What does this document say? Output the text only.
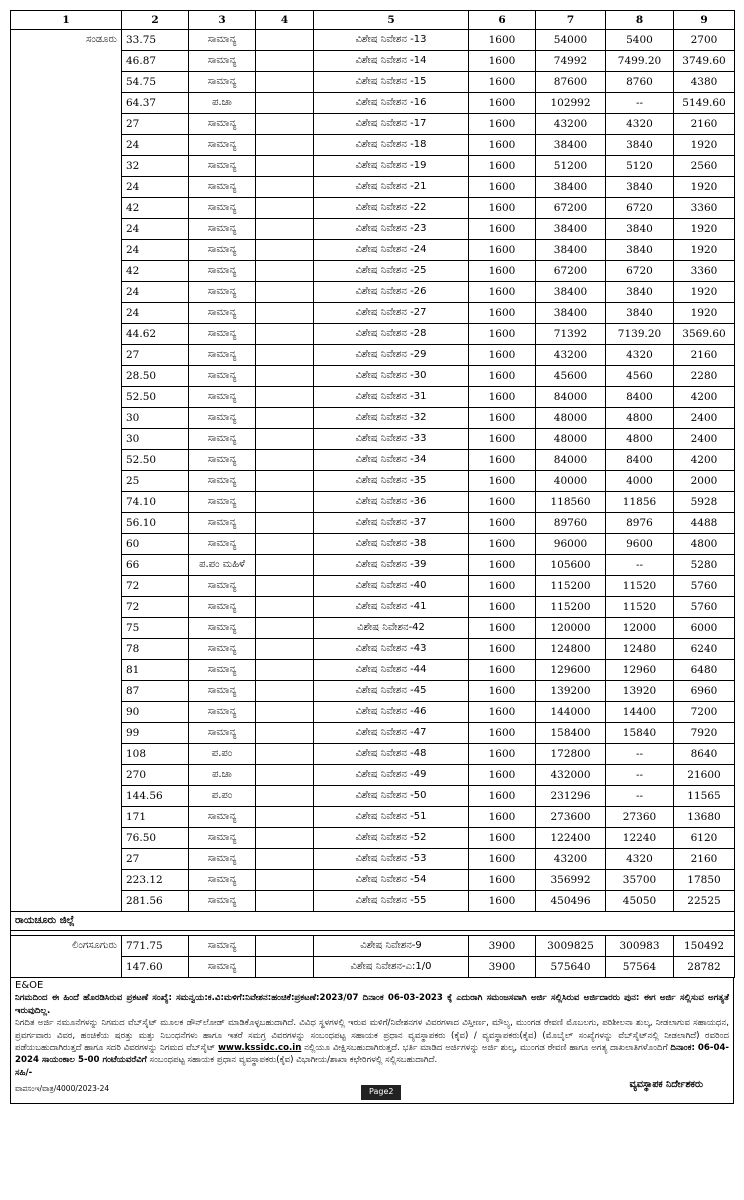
1	2	3	4	5	6	7	8	9
ಸಂಡೂರು	33.75	ಸಾಮಾನ್ಯ		ವಿಶೇಷ ನಿವೇಶನ -13	1600	54000	5400	2700
	46.87	ಸಾಮಾನ್ಯ		ವಿಶೇಷ ನಿವೇಶನ -14	1600	74992	7499.20	3749.60
	54.75	ಸಾಮಾನ್ಯ		ವಿಶೇಷ ನಿವೇಶನ -15	1600	87600	8760	4380
	64.37	ಪ.ಜಾ		ವಿಶೇಷ ನಿವೇಶನ -16	1600	102992	--	5149.60
	27	ಸಾಮಾನ್ಯ		ವಿಶೇಷ ನಿವೇಶನ -17	1600	43200	4320	2160
	24	ಸಾಮಾನ್ಯ		ವಿಶೇಷ ನಿವೇಶನ -18	1600	38400	3840	1920
	32	ಸಾಮಾನ್ಯ		ವಿಶೇಷ ನಿವೇಶನ -19	1600	51200	5120	2560
	24	ಸಾಮಾನ್ಯ		ವಿಶೇಷ ನಿವೇಶನ -21	1600	38400	3840	1920
	42	ಸಾಮಾನ್ಯ		ವಿಶೇಷ ನಿವೇಶನ -22	1600	67200	6720	3360
	24	ಸಾಮಾನ್ಯ		ವಿಶೇಷ ನಿವೇಶನ -23	1600	38400	3840	1920
	24	ಸಾಮಾನ್ಯ		ವಿಶೇಷ ನಿವೇಶನ -24	1600	38400	3840	1920
	42	ಸಾಮಾನ್ಯ		ವಿಶೇಷ ನಿವೇಶನ -25	1600	67200	6720	3360
	24	ಸಾಮಾನ್ಯ		ವಿಶೇಷ ನಿವೇಶನ -26	1600	38400	3840	1920
	24	ಸಾಮಾನ್ಯ		ವಿಶೇಷ ನಿವೇಶನ -27	1600	38400	3840	1920
	44.62	ಸಾಮಾನ್ಯ		ವಿಶೇಷ ನಿವೇಶನ -28	1600	71392	7139.20	3569.60
	27	ಸಾಮಾನ್ಯ		ವಿಶೇಷ ನಿವೇಶನ -29	1600	43200	4320	2160
	28.50	ಸಾಮಾನ್ಯ		ವಿಶೇಷ ನಿವೇಶನ -30	1600	45600	4560	2280
	52.50	ಸಾಮಾನ್ಯ		ವಿಶೇಷ ನಿವೇಶನ -31	1600	84000	8400	4200
	30	ಸಾಮಾನ್ಯ		ವಿಶೇಷ ನಿವೇಶನ -32	1600	48000	4800	2400
	30	ಸಾಮಾನ್ಯ		ವಿಶೇಷ ನಿವೇಶನ -33	1600	48000	4800	2400
	52.50	ಸಾಮಾನ್ಯ		ವಿಶೇಷ ನಿವೇಶನ -34	1600	84000	8400	4200
	25	ಸಾಮಾನ್ಯ		ವಿಶೇಷ ನಿವೇಶನ -35	1600	40000	4000	2000
	74.10	ಸಾಮಾನ್ಯ		ವಿಶೇಷ ನಿವೇಶನ -36	1600	118560	11856	5928
	56.10	ಸಾಮಾನ್ಯ		ವಿಶೇಷ ನಿವೇಶನ -37	1600	89760	8976	4488
	60	ಸಾಮಾನ್ಯ		ವಿಶೇಷ ನಿವೇಶನ -38	1600	96000	9600	4800
	66	ಪ.ಪಂ ಮಹಿಳೆ		ವಿಶೇಷ ನಿವೇಶನ -39	1600	105600	--	5280
	72	ಸಾಮಾನ್ಯ		ವಿಶೇಷ ನಿವೇಶನ -40	1600	115200	11520	5760
	72	ಸಾಮಾನ್ಯ		ವಿಶೇಷ ನಿವೇಶನ -41	1600	115200	11520	5760
	75	ಸಾಮಾನ್ಯ		ವಿಶೇಷ ನಿವೇಶನ-42	1600	120000	12000	6000
	78	ಸಾಮಾನ್ಯ		ವಿಶೇಷ ನಿವೇಶನ -43	1600	124800	12480	6240
	81	ಸಾಮಾನ್ಯ		ವಿಶೇಷ ನಿವೇಶನ -44	1600	129600	12960	6480
	87	ಸಾಮಾನ್ಯ		ವಿಶೇಷ ನಿವೇಶನ -45	1600	139200	13920	6960
	90	ಸಾಮಾನ್ಯ		ವಿಶೇಷ ನಿವೇಶನ -46	1600	144000	14400	7200
	99	ಸಾಮಾನ್ಯ		ವಿಶೇಷ ನಿವೇಶನ -47	1600	158400	15840	7920
	108	ಪ.ಪಂ		ವಿಶೇಷ ನಿವೇಶನ -48	1600	172800	--	8640
	270	ಪ.ಜಾ		ವಿಶೇಷ ನಿವೇಶನ -49	1600	432000	--	21600
	144.56	ಪ.ಪಂ		ವಿಶೇಷ ನಿವೇಶನ -50	1600	231296	--	11565
	171	ಸಾಮಾನ್ಯ		ವಿಶೇಷ ನಿವೇಶನ -51	1600	273600	27360	13680
	76.50	ಸಾಮಾನ್ಯ		ವಿಶೇಷ ನಿವೇಶನ -52	1600	122400	12240	6120
	27	ಸಾಮಾನ್ಯ		ವಿಶೇಷ ನಿವೇಶನ -53	1600	43200	4320	2160
	223.12	ಸಾಮಾನ್ಯ		ವಿಶೇಷ ನಿವೇಶನ -54	1600	356992	35700	17850
	281.56	ಸಾಮಾನ್ಯ		ವಿಶೇಷ ನಿವೇಶನ -55	1600	450496	45050	22525
ರಾಯಚೂರು ಜಿಲ್ಲೆ								

ಲಿಂಗಸೂಗುರು	771.75	ಸಾಮಾನ್ಯ		ವಿಶೇಷ ನಿವೇಶನ-9	3900	3009825	300983	150492
	147.60	ಸಾಮಾನ್ಯ		ವಿಶೇಷ ನಿವೇಶನ-ಎ:1/0	3900	575640	57564	28782

E&OE

ನಿಗಮದಿಂದ ಈ ಹಿಂದೆ ಹೊರಡಿಸಿರುವ ಪ್ರಕಟಣೆ ಸಂಖ್ಯೆ: ಸಮನ್ವಯ:ಕ.ವಿ:ಮಳಿಗೆ:ನಿವೇಶನ:ಹಂಚಿಕೆ:ಪ್ರಕಟಣೆ:2023/07 ದಿನಾಂಕ 06-03-2023 ಕ್ಕೆ ಎದುರಾಗಿ ಸಮಂಜಸವಾಗಿ ಅರ್ಜಿ ಸಲ್ಲಿಸಿರುವ ಅರ್ಜಿದಾರರು ಪುನ: ಈಗ ಅರ್ಜಿ ಸಲ್ಲಿಸುವ ಅಗತ್ಯತೆ ಇರುವುದಿಲ್ಲ.

ನಿಗದಿತ ಅರ್ಜಿ ನಮೂನೆಗಳನ್ನು ನಿಗಮದ ವೆಬ್‌ಸೈಟ್ ಮೂಲಕ ಡೌನ್‌ಲೋಡ್ ಮಾಡಿಕೊಳ್ಳಬಹುದಾಗಿದೆ. ವಿವಿಧ ಸ್ಥಳಗಳಲ್ಲಿ ಇರುವ ಮಳಿಗೆ/ನಿವೇಶನಗಳ ವಿವರಗಳಾದ ವಿಸ್ತೀರ್ಣ, ಮೌಲ್ಯ, ಮುಂಗಡ ಠೇವಣಿ ಮೊಬಲಗು, ಪರಿಶೀಲನಾ ಶುಲ್ಕ, ನೀಡಲಾಗುವ ಸಹಾಯಧನ, ಪ್ರವರ್ಗವಾರು ವಿವರ, ಹಂಚಿಕೆಯ ಷರತ್ತು ಮತ್ತು ನಿಬಂಧನೆಗಳು ಹಾಗೂ ಇತರೆ ಸಮಗ್ರ ವಿವರಗಳನ್ನು ಸಂಬಂಧಪಟ್ಟ ಸಹಾಯಕ ಪ್ರಧಾನ ವ್ಯವಸ್ಥಾಪಕರು (ಕೈವ) / ವ್ಯವಸ್ಥಾಪಕರು(ಕೈವ) (ಮೊಬೈಲ್ ಸಂಖ್ಯೆಗಳನ್ನು ವೆಬ್‌ಸೈಟ್‌ನಲ್ಲಿ ನೀಡಲಾಗಿದೆ) ರವರಿಂದ ಪಡೆಯಬಹುದಾಗಿರುತ್ತದೆ ಹಾಗೂ ಸದರಿ ವಿವರಗಳನ್ನು ನಿಗಮದ ವೆಬ್‌ಸೈಟ್ www.kssidc.co.in ನಲ್ಲಿಯೂ ವೀಕ್ಷಿಸಬಹುದಾಗಿರುತ್ತದೆ. ಭರ್ತಿ ಮಾಡಿದ ಅರ್ಜಿಗಳನ್ನು ಅರ್ಜಿ ಶುಲ್ಕ, ಮುಂಗಡ ಠೇವಣಿ ಹಾಗೂ ಅಗತ್ಯ ದಾಖಲಾತಿಗಳೊಂದಿಗೆ ದಿನಾಂಕ: 06-04-2024 ಸಾಯಂಕಾಲ 5-00 ಗಂಟೆಯವರೆವಿಗೆ ಸಂಬಂಧಪಟ್ಟ ಸಹಾಯಕ ಪ್ರಧಾನ ವ್ಯವಸ್ಥಾಪಕರು(ಕೈವ) ವಿಭಾಗೀಯ/ಶಾಖಾ ಕಛೇರಿಗಳಲ್ಲಿ ಸಲ್ಲಿಸಬಹುದಾಗಿದೆ.

ಸಹಿ/-

ವಾಪಸಂಇ/ವಾತ್ರ/4000/2023-24	Page2
ವ್ಯವಸ್ಥಾಪಕ ನಿರ್ದೇಶಕರು
